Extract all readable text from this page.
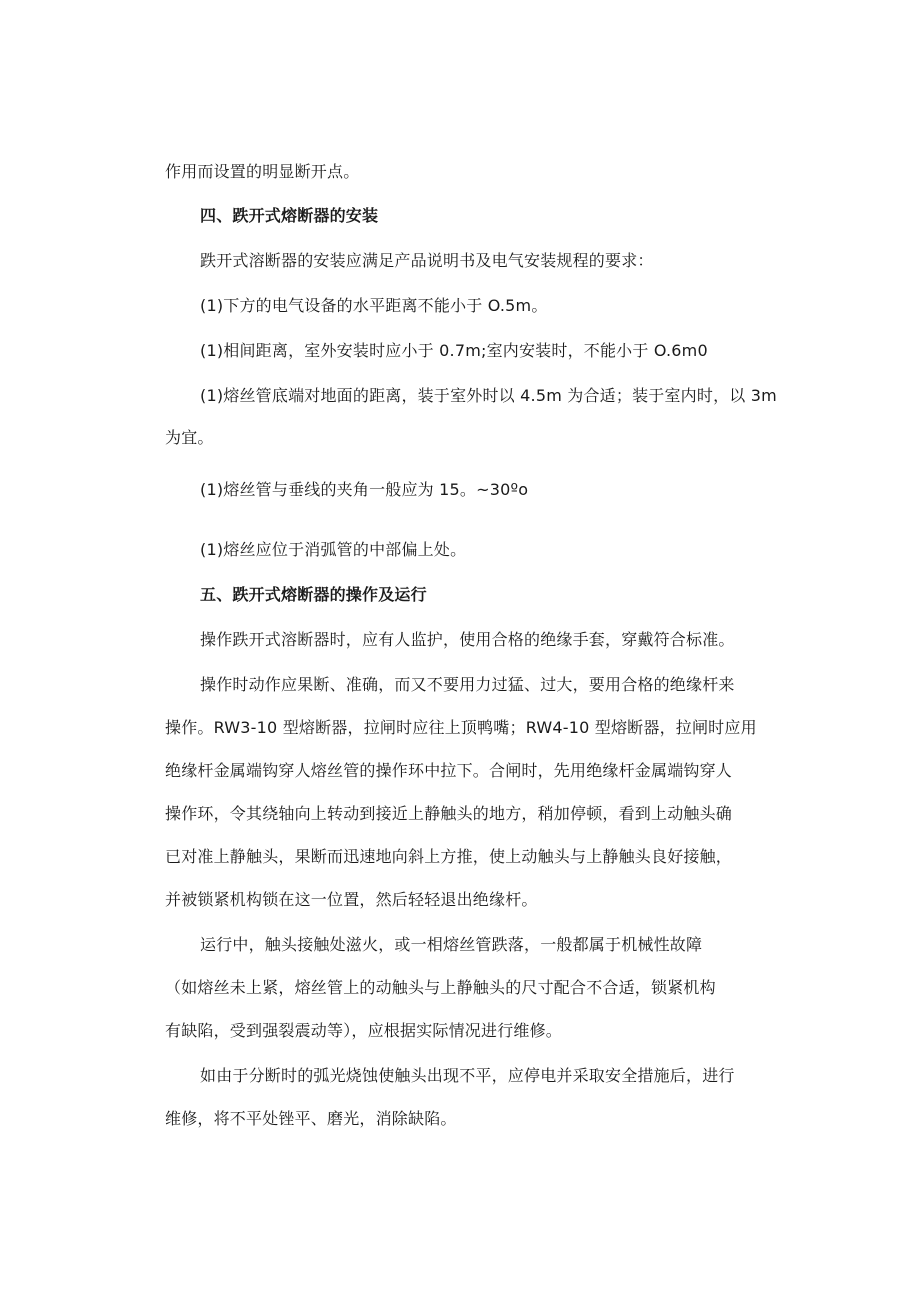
作用而设置的明显断开点。
四、跌开式熔断器的安装
跌开式溶断器的安装应满足产品说明书及电气安装规程的要求：
(1)下方的电气设备的水平距离不能小于 O.5m。
(1)相间距离，室外安装时应小于 0.7m;室内安装时，不能小于 O.6m0
(1)熔丝管底端对地面的距离，装于室外时以 4.5m 为合适；装于室内时，以 3m
为宜。
(1)熔丝管与垂线的夹角一般应为 15。~30ºo
(1)熔丝应位于消弧管的中部偏上处。
五、跌开式熔断器的操作及运行
操作跌开式溶断器时，应有人监护，使用合格的绝缘手套，穿戴符合标准。
操作时动作应果断、准确，而又不要用力过猛、过大，要用合格的绝缘杆来
操作。RW3-10 型熔断器，拉闸时应往上顶鸭嘴；RW4-10 型熔断器，拉闸时应用
绝缘杆金属端钩穿人熔丝管的操作环中拉下。合闸时，先用绝缘杆金属端钩穿人
操作环，令其绕轴向上转动到接近上静触头的地方，稍加停顿，看到上动触头确
已对准上静触头，果断而迅速地向斜上方推，使上动触头与上静触头良好接触，
并被锁紧机构锁在这一位置，然后轻轻退出绝缘杆。
运行中，触头接触处滋火，或一相熔丝管跌落，一般都属于机械性故障
（如熔丝未上紧，熔丝管上的动触头与上静触头的尺寸配合不合适，锁紧机构
有缺陷，受到强裂震动等），应根据实际情况进行维修。
如由于分断时的弧光烧蚀使触头出现不平，应停电并采取安全措施后，进行
维修，将不平处锉平、磨光，消除缺陷。
